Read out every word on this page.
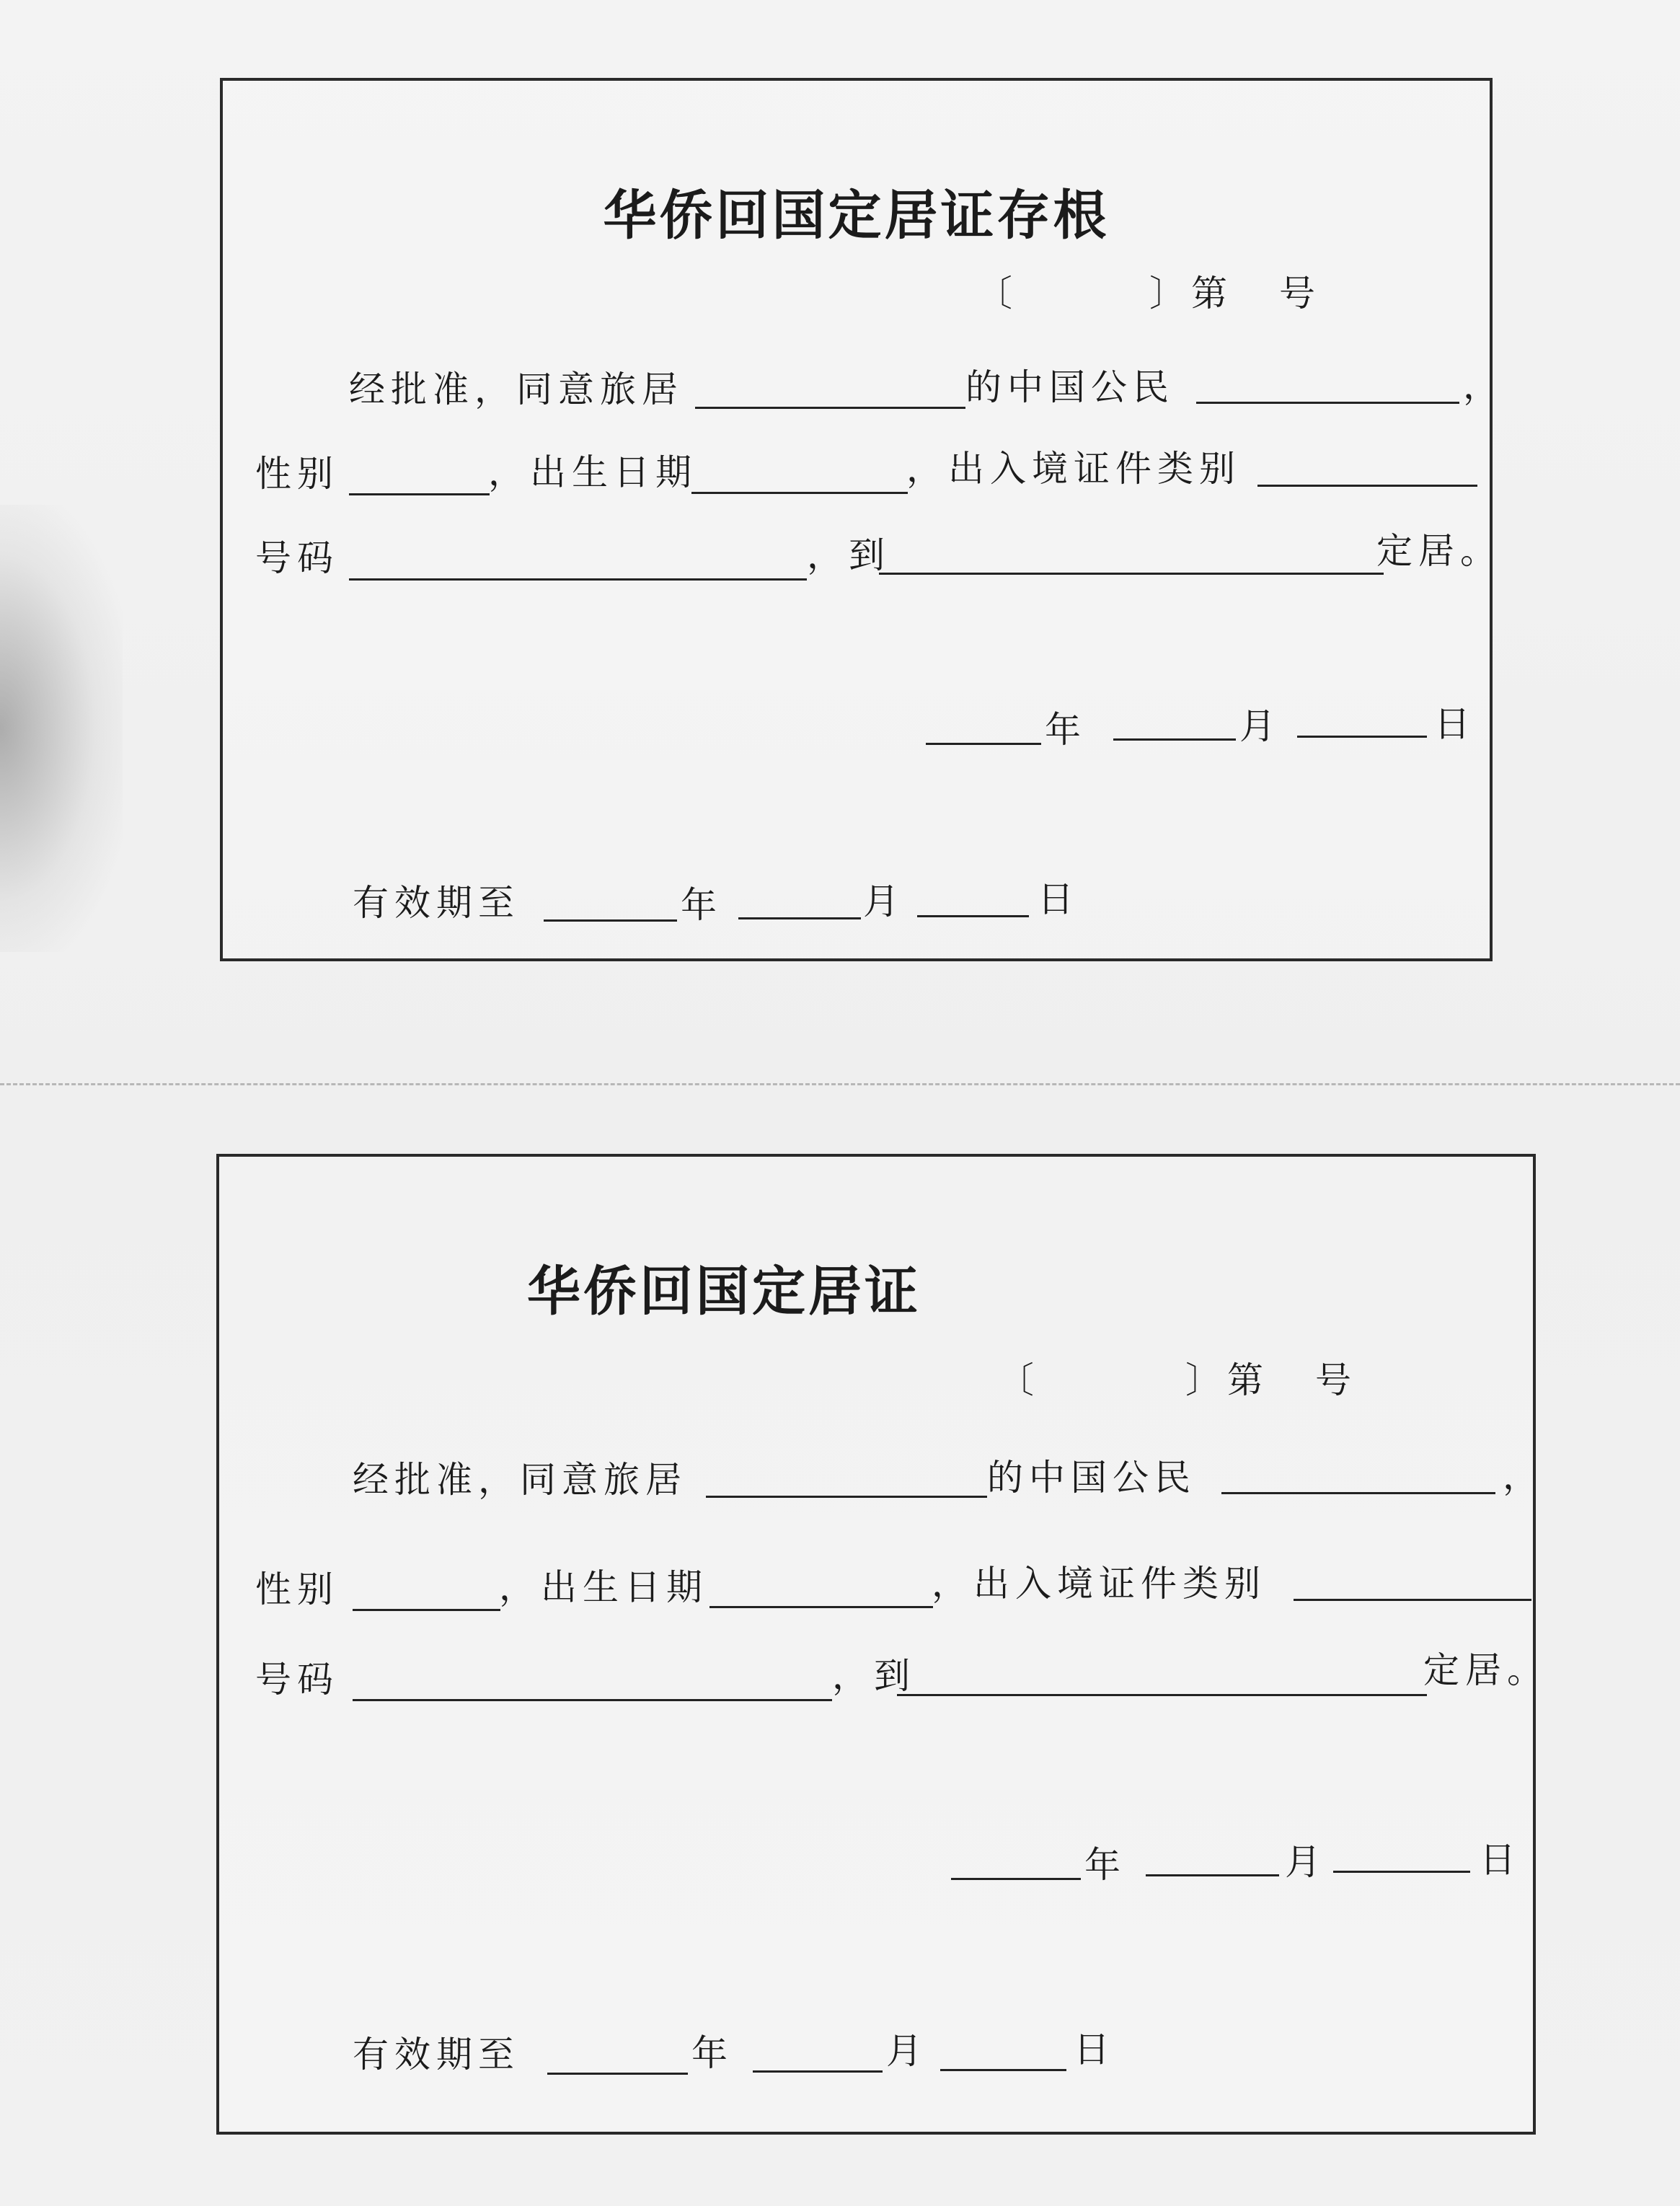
华侨回国定居证存根
〔	〕第 号
经批准，同意旅居	的中国公民	，
性别	，出生日期	，出入境证件类别
号码	，到	定居。
年	月	日
有效期至	年	月	日
华侨回国定居证
〔	〕第 号
经批准，同意旅居	的中国公民	，
性别	，出生日期	，出入境证件类别
号码	，到	定居。
年	月	日
有效期至	年	月	日
